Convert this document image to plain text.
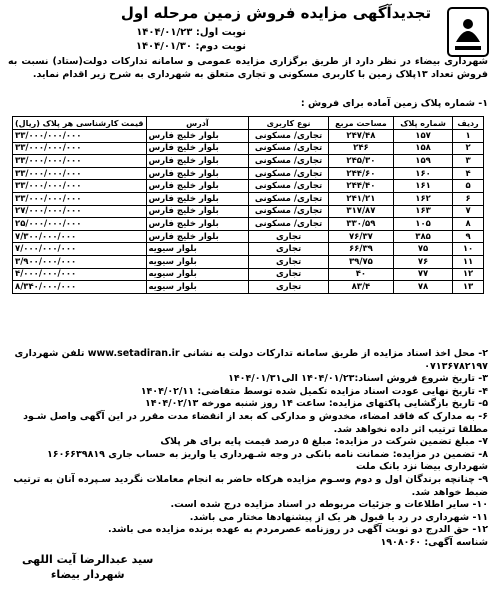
تجدیدآگهی مزایده فروش زمین مرحله اول
نوبت اول: ۱۴۰۴/۰۱/۲۳
نوبت دوم: ۱۴۰۴/۰۱/۳۰
شهرداری بیضاء در نظر دارد از طریق برگزاری مزایده عمومی و سامانه تدارکات دولت(ستاد) نسبت به فروش تعداد ۱۳پلاک زمین با کاربری مسکونی و تجاری متعلق به شهرداری به شرح زیر اقدام نماید.
۱- شماره پلاک زمین آماده برای فروش :
ردیف	شماره پلاک	مساحت مربع	نوع کاربری	آدرس	قیمت کارشناسی هر پلاک (ریال)
۱	۱۵۷	۲۴۷/۴۸	تجاری/ مسکونی	بلوار خلیج فارس	۳۳/۰۰۰/۰۰۰/۰۰۰
۲	۱۵۸	۲۴۶	تجاری/ مسکونی	بلوار خلیج فارس	۳۳/۰۰۰/۰۰۰/۰۰۰
۳	۱۵۹	۲۴۵/۳۰	تجاری/ مسکونی	بلوار خلیج فارس	۳۳/۰۰۰/۰۰۰/۰۰۰
۴	۱۶۰	۲۴۴/۶۰	تجاری/ مسکونی	بلوار خلیج فارس	۳۳/۰۰۰/۰۰۰/۰۰۰
۵	۱۶۱	۲۴۴/۴۰	تجاری/ مسکونی	بلوار خلیج فارس	۳۳/۰۰۰/۰۰۰/۰۰۰
۶	۱۶۲	۲۴۱/۲۱	تجاری/ مسکونی	بلوار خلیج فارس	۳۳/۰۰۰/۰۰۰/۰۰۰
۷	۱۶۳	۳۱۷/۸۷	تجاری/ مسکونی	بلوار خلیج فارس	۲۷/۰۰۰/۰۰۰/۰۰۰
۸	۱۰۵	۳۳۰/۵۹	تجاری/ مسکونی	بلوار خلیج فارس	۲۵/۰۰۰/۰۰۰/۰۰۰
۹	۳۸۵	۷۶/۳۷	تجاری	بلوار خلیج فارس	۷/۳۰۰/۰۰۰/۰۰۰
۱۰	۷۵	۶۶/۳۹	تجاری	بلوار سیویه	۷/۰۰۰/۰۰۰/۰۰۰
۱۱	۷۶	۳۹/۷۵	تجاری	بلوار سیویه	۳/۹۰۰/۰۰۰/۰۰۰
۱۲	۷۷	۴۰	تجاری	بلوار سیویه	۴/۰۰۰/۰۰۰/۰۰۰
۱۳	۷۸	۸۳/۴	تجاری	بلوار سیویه	۸/۳۴۰/۰۰۰/۰۰۰
۲- محل اخذ اسناد مزایده از طریق سامانه تدارکات دولت به نشانی www.setadiran.ir تلفن شهرداری ۰۷۱۳۶۷۸۲۱۹۷
۳- تاریخ شروع فروش اسناد:۱۴۰۴/۰۱/۲۳ الی۱۴۰۴/۰۱/۳۱
۴- تاریخ نهایی عودت اسناد مزایده تکمیل شده توسط متقاضی: ۱۴۰۴/۰۲/۱۱
۵- تاریخ بازگشایی پاکتهای مزایده: ساعت ۱۴ روز شنبه مورخه ۱۴۰۴/۰۲/۱۳
۶- به مدارک که فاقد امضاء، مخدوش و مدارکی که بعد از انقضاء مدت مقرر در این آگهی واصل شـود مطلقا ترتیب اثر داده نخواهد شد.
۷- مبلغ تضمین شرکت در مزایده: مبلغ ۵ درصد قیمت پایه برای هر پلاک
۸- تضمین در مزایده: ضمانت نامه بانکی در وجه شـهرداری یا واریز به حساب جاری ۱۶۰۶۶۳۹۸۱۹ شهرداری بیضا نزد بانک ملت
۹- چنانچه برندگان اول و دوم وسـوم مزایده هرکاه حاضر به انجام معاملات نگردید سـپرده آنان به ترتیب ضبط خواهد شد.
۱۰- سایر اطلاعات و جزئیات مربوطه در اسناد مزایده درج شده است.
۱۱- شهرداری در رد یا قبول هر یک از پیشنهادها مختار می باشد.
۱۲- حق الدرج دو نوبت آگهی در روزنامه عصرمردم به عهده برنده مزایده می باشد.
شناسه آگهی: ۱۹۰۸۰۶۰
سید عبدالرضا آیت اللهی
شهردار بیضاء
